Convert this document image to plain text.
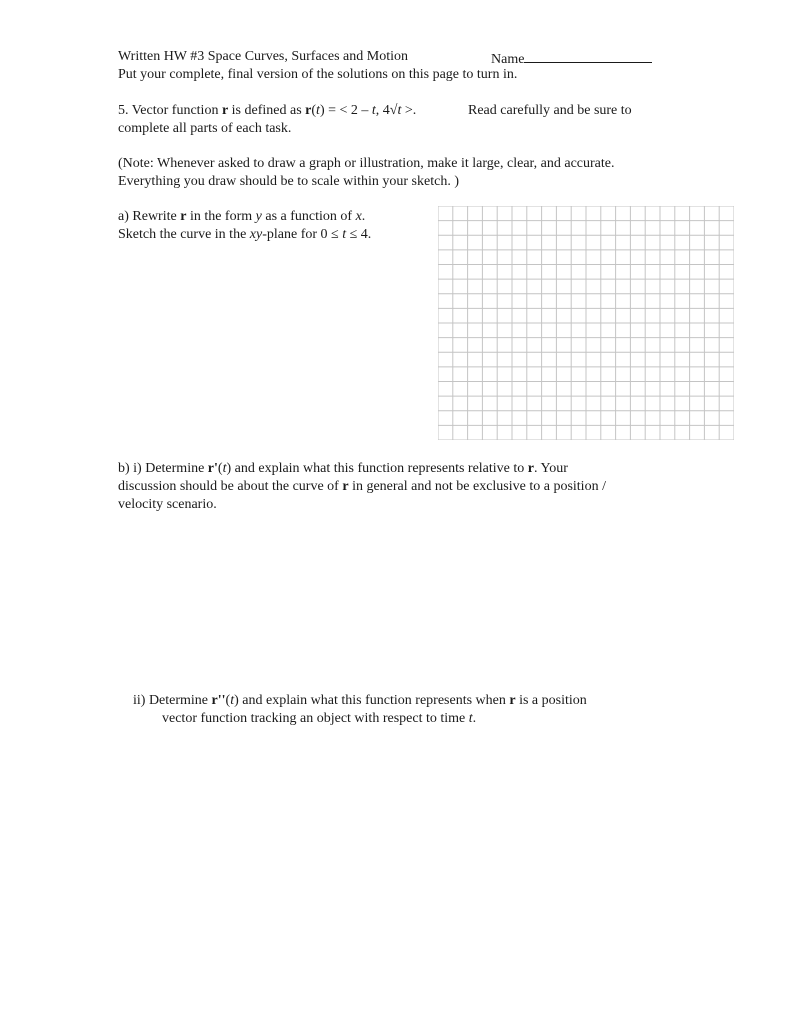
Written HW #3 Space Curves, Surfaces and Motion	Name
Put your complete, final version of the solutions on this page to turn in.
5. Vector function r is defined as r(t) = < 2 – t, 4√t >.	Read carefully and be sure to
complete all parts of each task.
(Note: Whenever asked to draw a graph or illustration, make it large, clear, and accurate.
Everything you draw should be to scale within your sketch. )
a) Rewrite r in the form y as a function of x.
Sketch the curve in the xy-plane for 0 ≤ t ≤ 4.
b) i) Determine r'(t) and explain what this function represents relative to r. Your
discussion should be about the curve of r in general and not be exclusive to a position /
velocity scenario.
ii) Determine r''(t) and explain what this function represents when r is a position
vector function tracking an object with respect to time t.
